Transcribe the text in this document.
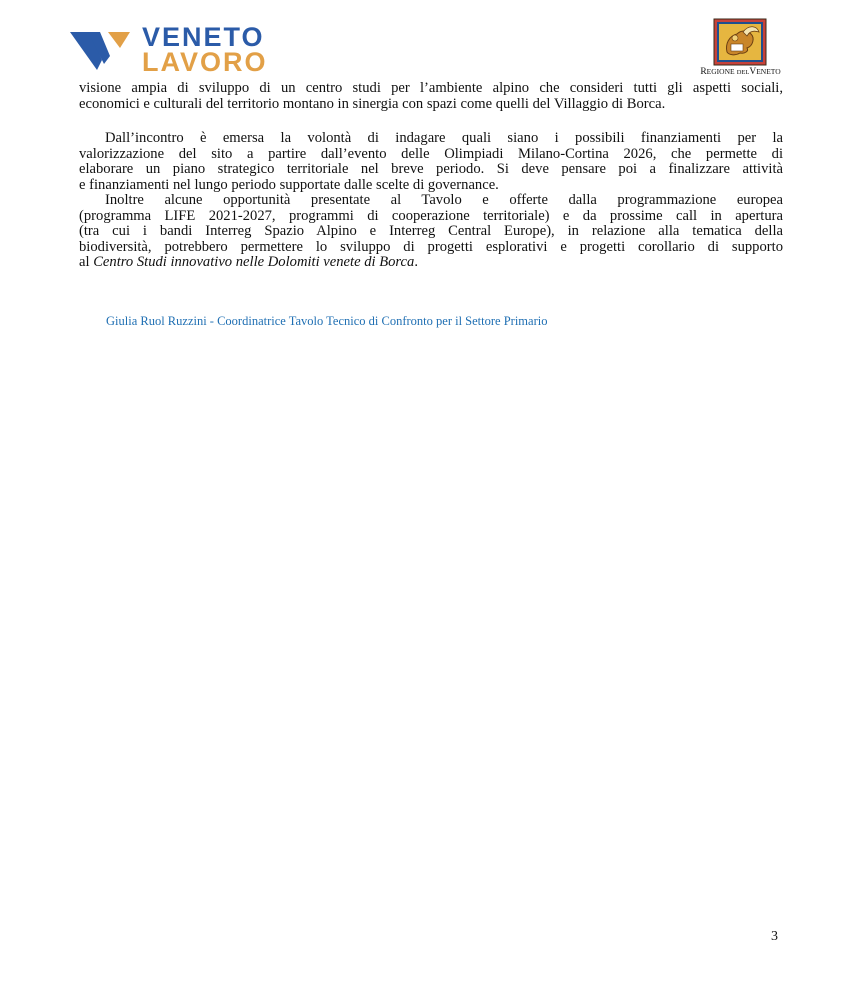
VENETO
LAVORO	REGIONE DELVENETO

visione ampia di sviluppo di un centro studi per l’ambiente alpino che consideri tutti gli aspetti sociali,
economici e culturali del territorio montano in sinergia con spazi come quelli del Villaggio di Borca.

Dall’incontro è emersa la volontà di indagare quali siano i possibili finanziamenti per la
valorizzazione del sito a partire dall’evento delle Olimpiadi Milano-Cortina 2026, che permette di
elaborare un piano strategico territoriale nel breve periodo. Si deve pensare poi a finalizzare attività
e finanziamenti nel lungo periodo supportate dalle scelte di governance.

Inoltre alcune opportunità presentate al Tavolo e offerte dalla programmazione europea
(programma LIFE 2021-2027, programmi di cooperazione territoriale) e da prossime call in apertura
(tra cui i bandi Interreg Spazio Alpino e Interreg Central Europe), in relazione alla tematica della
biodiversità, potrebbero permettere lo sviluppo di progetti esplorativi e progetti corollario di supporto
al Centro Studi innovativo nelle Dolomiti venete di Borca.

Giulia Ruol Ruzzini - Coordinatrice Tavolo Tecnico di Confronto per il Settore Primario
3
